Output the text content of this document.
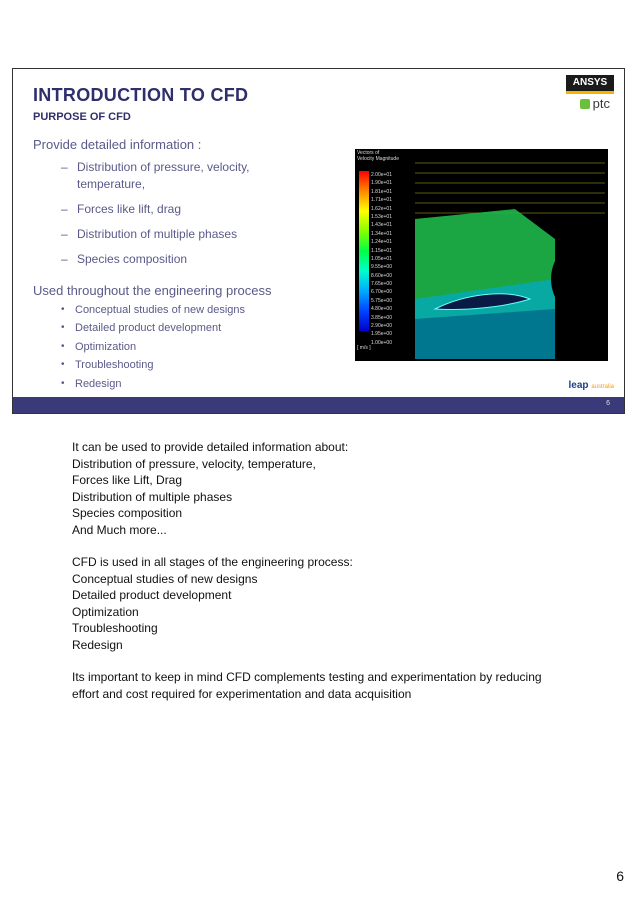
INTRODUCTION TO CFD
PURPOSE OF CFD
ANSYS
ptc
Provide detailed information :
– Distribution of pressure, velocity, temperature,
– Forces like lift, drag
– Distribution of multiple phases
– Species composition
Used throughout the engineering process
• Conceptual studies of new designs
• Detailed product development
• Optimization
• Troubleshooting
• Redesign
Vectors of
Velocity Magnitude
2.00e+01
1.90e+01
1.81e+01
1.71e+01
1.62e+01
1.53e+01
1.43e+01
1.34e+01
1.24e+01
1.15e+01
1.05e+01
9.55e+00
8.60e+00
7.65e+00
6.70e+00
5.75e+00
4.80e+00
3.85e+00
2.90e+00
1.95e+00
1.00e+00
[ m/s ]
leap australia
6

It can be used to provide detailed information about:

Distribution of pressure, velocity, temperature,

Forces like Lift, Drag

Distribution of multiple phases

Species composition

And Much more...

CFD is used in all stages of the engineering process:

Conceptual studies of new designs

Detailed product development

Optimization

Troubleshooting

Redesign

Its important to keep in mind CFD complements testing and experimentation by reducing effort and cost required for experimentation and data acquisition

6
